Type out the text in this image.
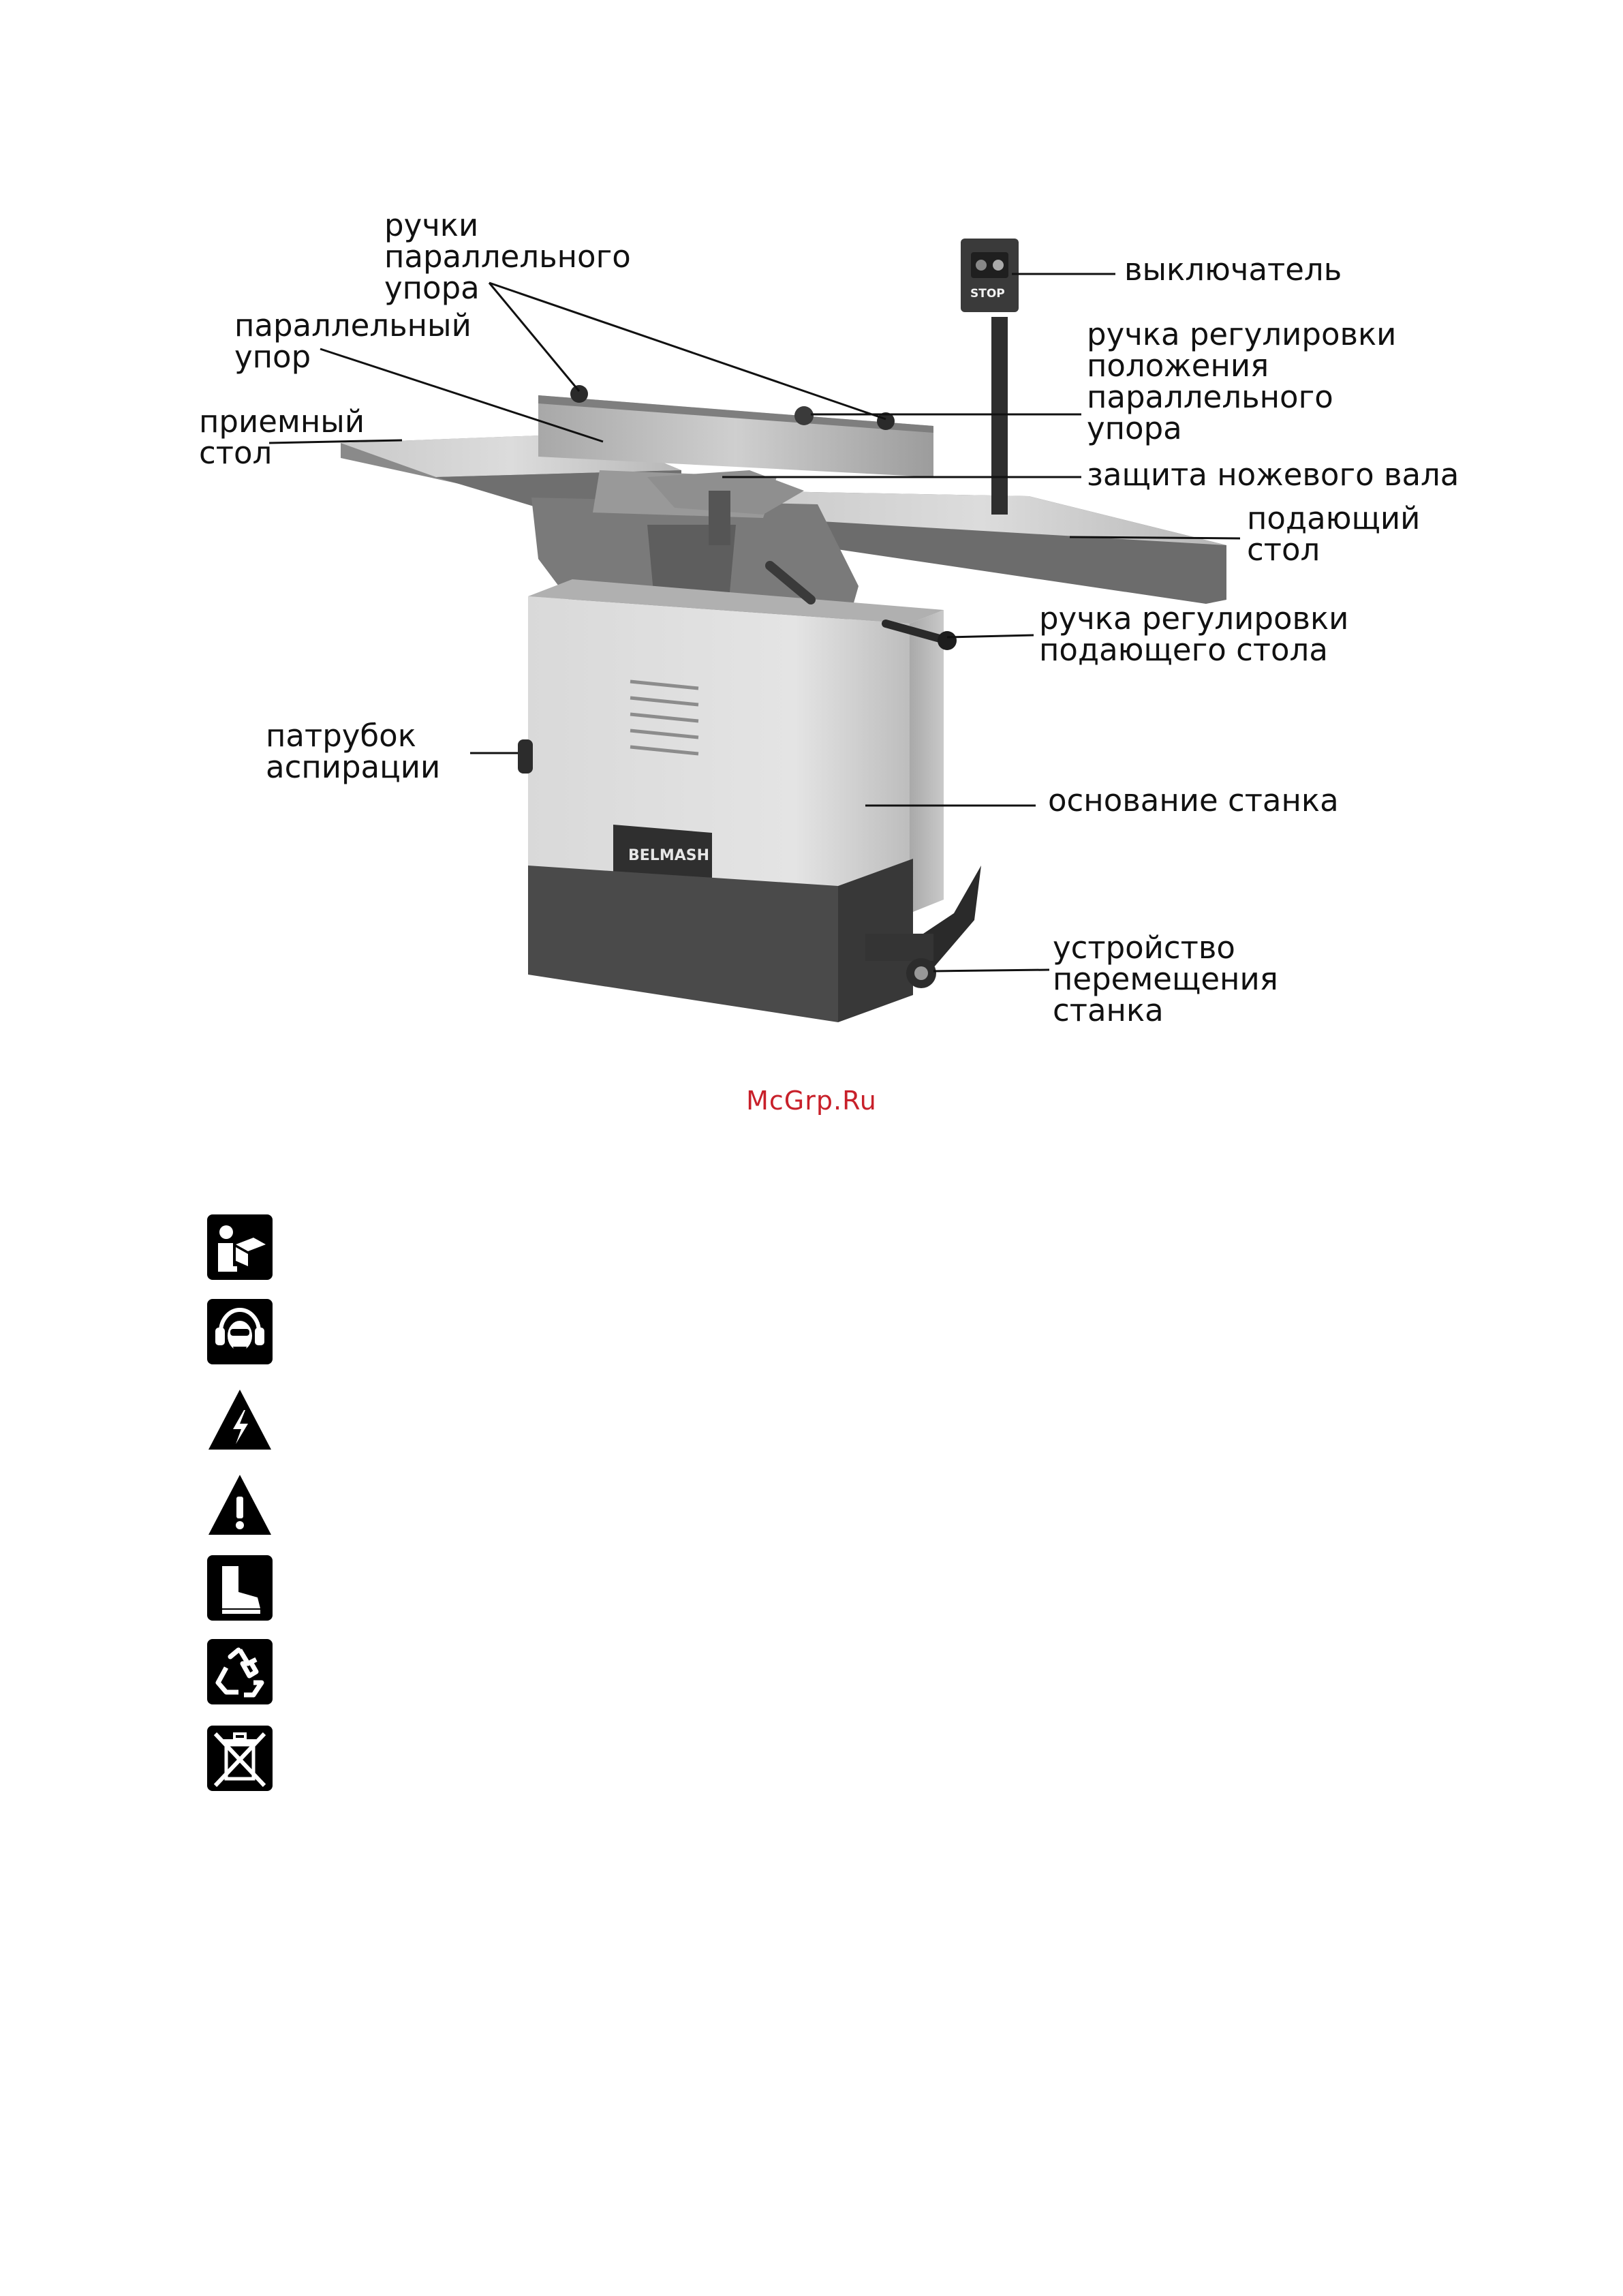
BELMASH
STOP
ручки
параллельного
упора
параллельный
упор
приемный
стол
выключатель
ручка регулировки
положения
параллельного
упора
защита ножевого вала
подающий
стол
ручка регулировки
подающего стола
патрубок
аспирации
основание станка
устройство
перемещения
станка
McGrp.Ru
